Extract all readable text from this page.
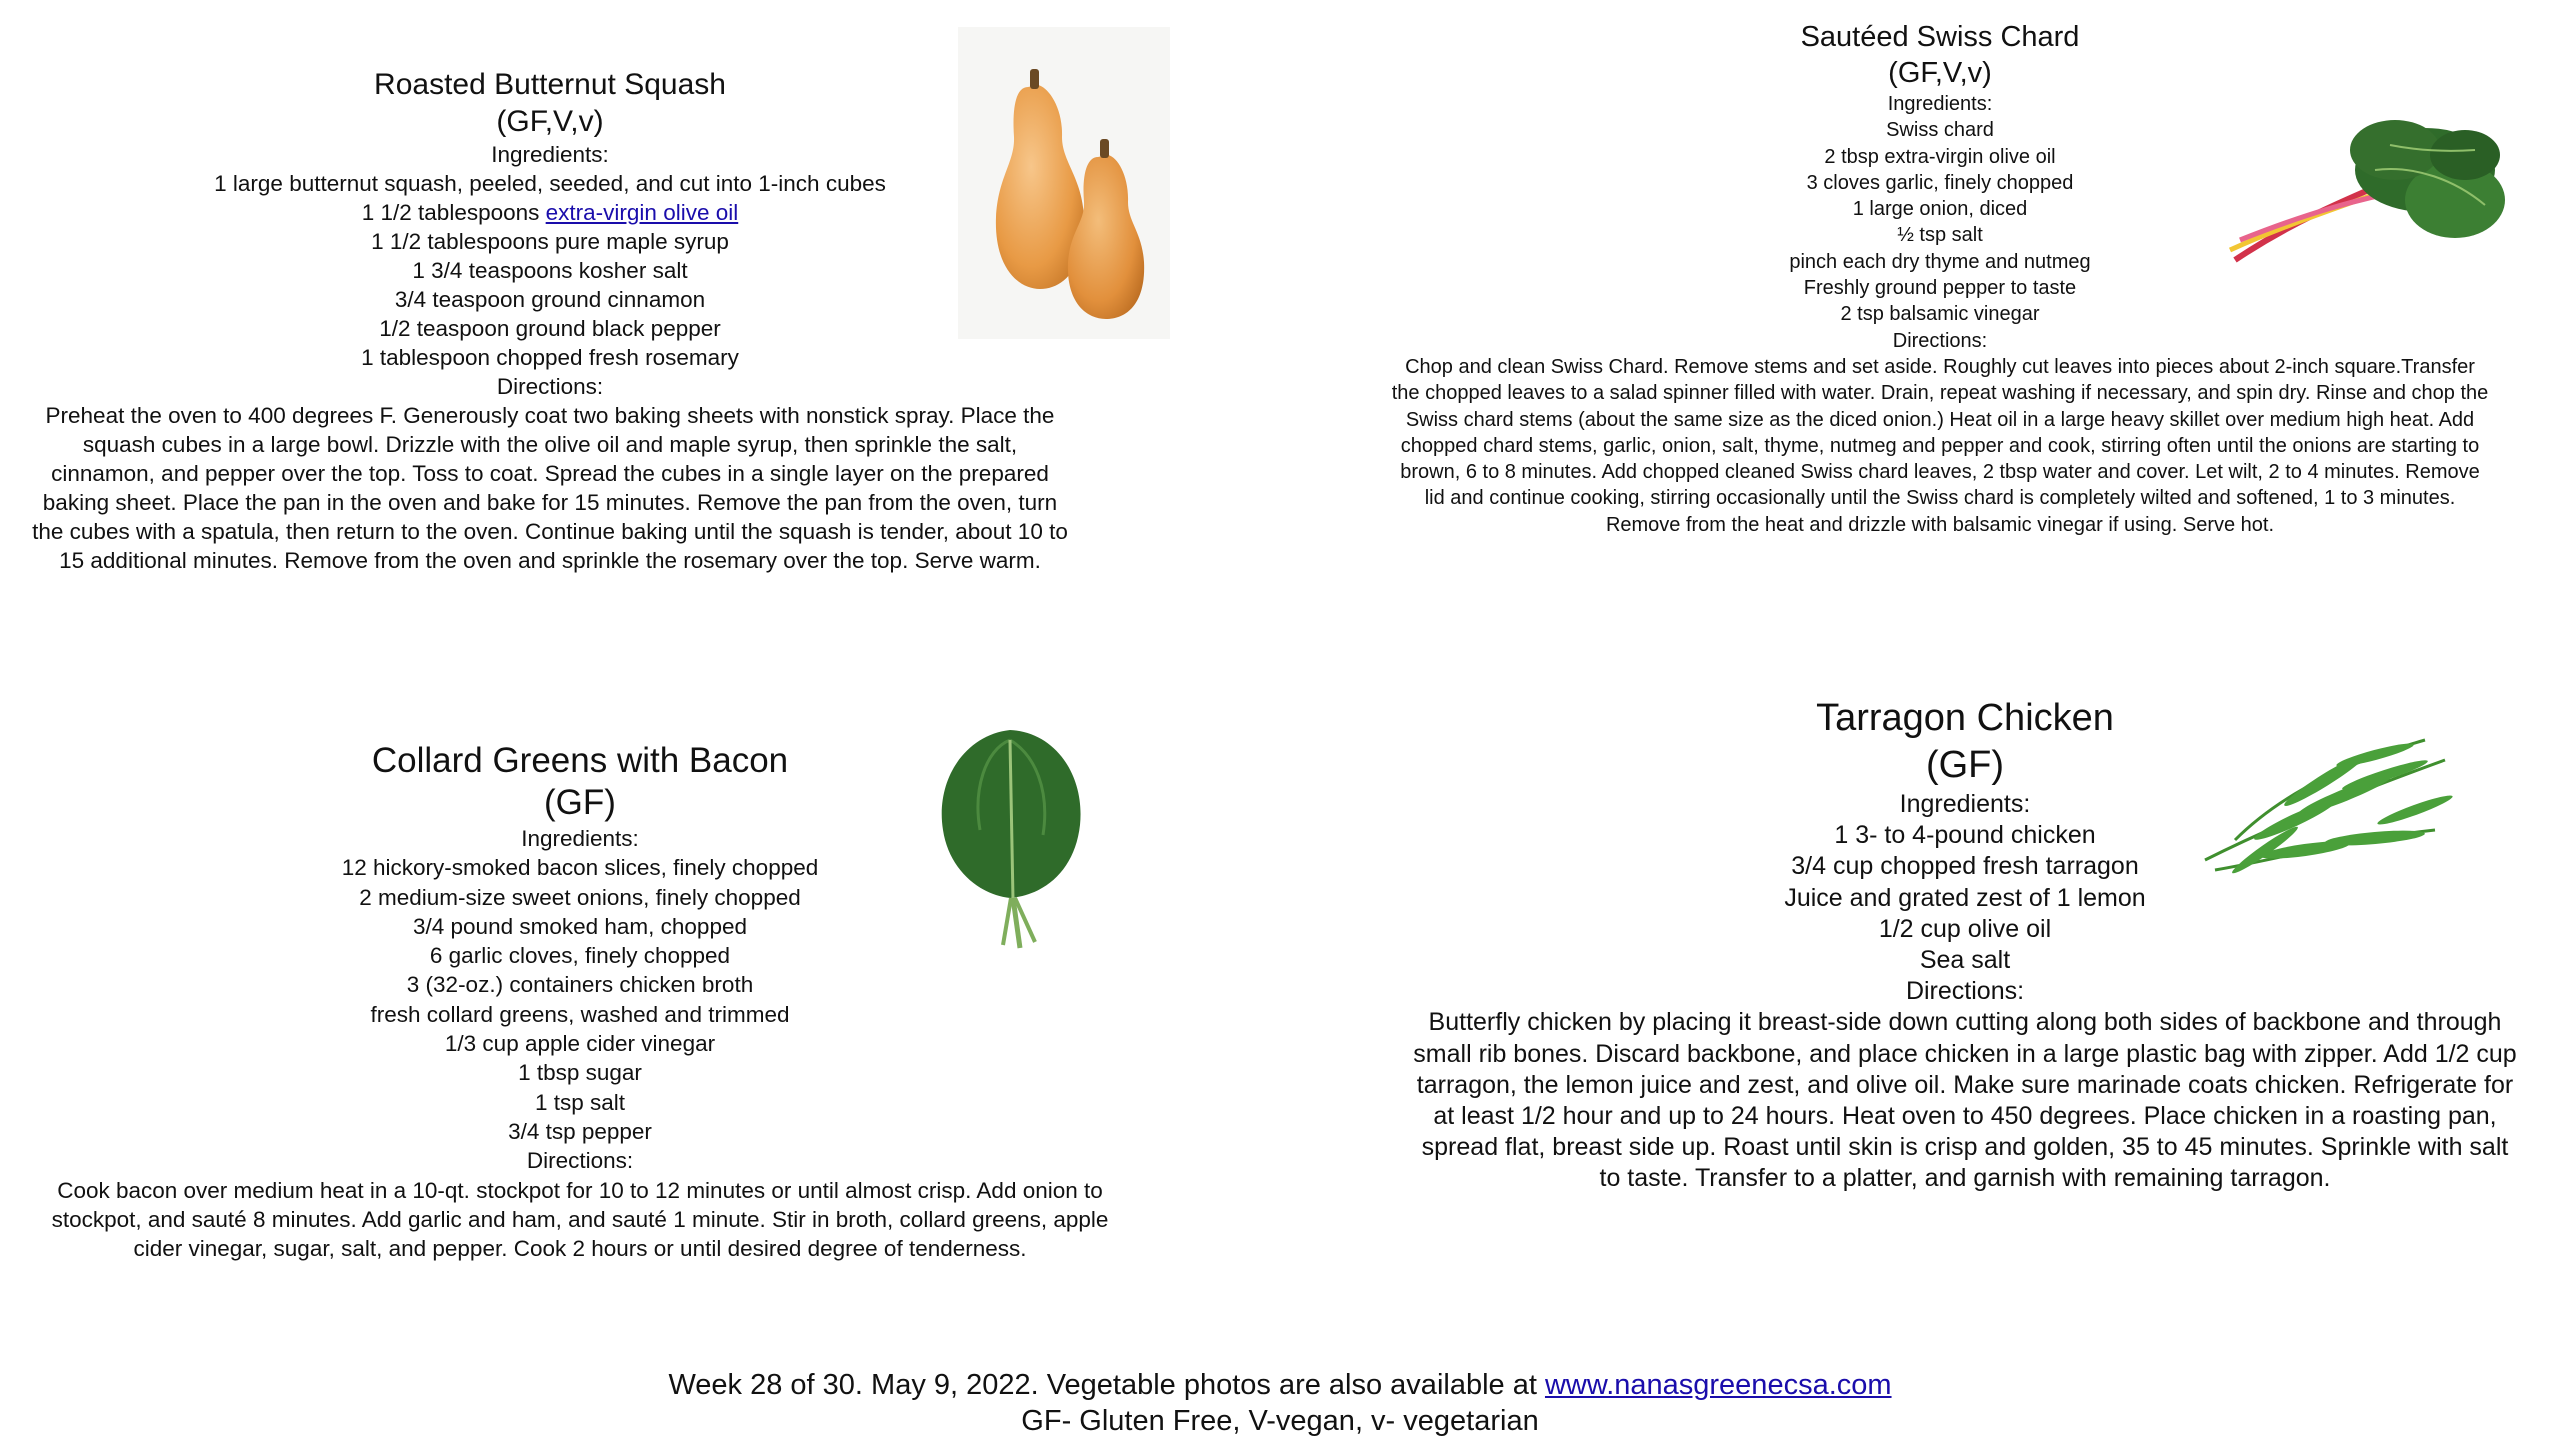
Roasted Butternut Squash
(GF,V,v)
Ingredients:
1 large butternut squash, peeled, seeded, and cut into 1-inch cubes
1 1/2 tablespoons extra-virgin olive oil
1 1/2 tablespoons pure maple syrup
1 3/4 teaspoons kosher salt
3/4 teaspoon ground cinnamon
1/2 teaspoon ground black pepper
1 tablespoon chopped fresh rosemary
Directions:

Preheat the oven to 400 degrees F. Generously coat two baking sheets with nonstick spray. Place the squash cubes in a large bowl. Drizzle with the olive oil and maple syrup, then sprinkle the salt, cinnamon, and pepper over the top. Toss to coat. Spread the cubes in a single layer on the prepared baking sheet. Place the pan in the oven and bake for 15 minutes. Remove the pan from the oven, turn the cubes with a spatula, then return to the oven. Continue baking until the squash is tender, about 10 to 15 additional minutes. Remove from the oven and sprinkle the rosemary over the top. Serve warm.

Sautéed Swiss Chard
(GF,V,v)
Ingredients:
Swiss chard
2 tbsp extra-virgin olive oil
3 cloves garlic, finely chopped
1 large onion, diced
½ tsp salt
pinch each dry thyme and nutmeg
Freshly ground pepper to taste
2 tsp balsamic vinegar
Directions:

Chop and clean Swiss Chard. Remove stems and set aside. Roughly cut leaves into pieces about 2-inch square.Transfer the chopped leaves to a salad spinner filled with water. Drain, repeat washing if necessary, and spin dry. Rinse and chop the Swiss chard stems (about the same size as the diced onion.) Heat oil in a large heavy skillet over medium high heat. Add chopped chard stems, garlic, onion, salt, thyme, nutmeg and pepper and cook, stirring often until the onions are starting to brown, 6 to 8 minutes. Add chopped cleaned Swiss chard leaves, 2 tbsp water and cover. Let wilt, 2 to 4 minutes. Remove lid and continue cooking, stirring occasionally until the Swiss chard is completely wilted and softened, 1 to 3 minutes. Remove from the heat and drizzle with balsamic vinegar if using. Serve hot.

Collard Greens with Bacon
(GF)
Ingredients:
12 hickory-smoked bacon slices, finely chopped
2 medium-size sweet onions, finely chopped
3/4 pound smoked ham, chopped
6 garlic cloves, finely chopped
3 (32-oz.) containers chicken broth
fresh collard greens, washed and trimmed
1/3 cup apple cider vinegar
1 tbsp sugar
1 tsp salt
3/4 tsp pepper
Directions:

Cook bacon over medium heat in a 10-qt. stockpot for 10 to 12 minutes or until almost crisp. Add onion to stockpot, and sauté 8 minutes. Add garlic and ham, and sauté 1 minute. Stir in broth, collard greens, apple cider vinegar, sugar, salt, and pepper. Cook 2 hours or until desired degree of tenderness.

Tarragon Chicken
(GF)
Ingredients:
1 3- to 4-pound chicken
3/4 cup chopped fresh tarragon
Juice and grated zest of 1 lemon
1/2 cup olive oil
Sea salt
Directions:

Butterfly chicken by placing it breast-side down cutting along both sides of backbone and through small rib bones. Discard backbone, and place chicken in a large plastic bag with zipper. Add 1/2 cup tarragon, the lemon juice and zest, and olive oil. Make sure marinade coats chicken. Refrigerate for at least 1/2 hour and up to 24 hours. Heat oven to 450 degrees. Place chicken in a roasting pan, spread flat, breast side up. Roast until skin is crisp and golden, 35 to 45 minutes. Sprinkle with salt to taste. Transfer to a platter, and garnish with remaining tarragon.

Week 28 of 30. May 9, 2022. Vegetable photos are also available at www.nanasgreenecsa.com
GF- Gluten Free, V-vegan, v- vegetarian
